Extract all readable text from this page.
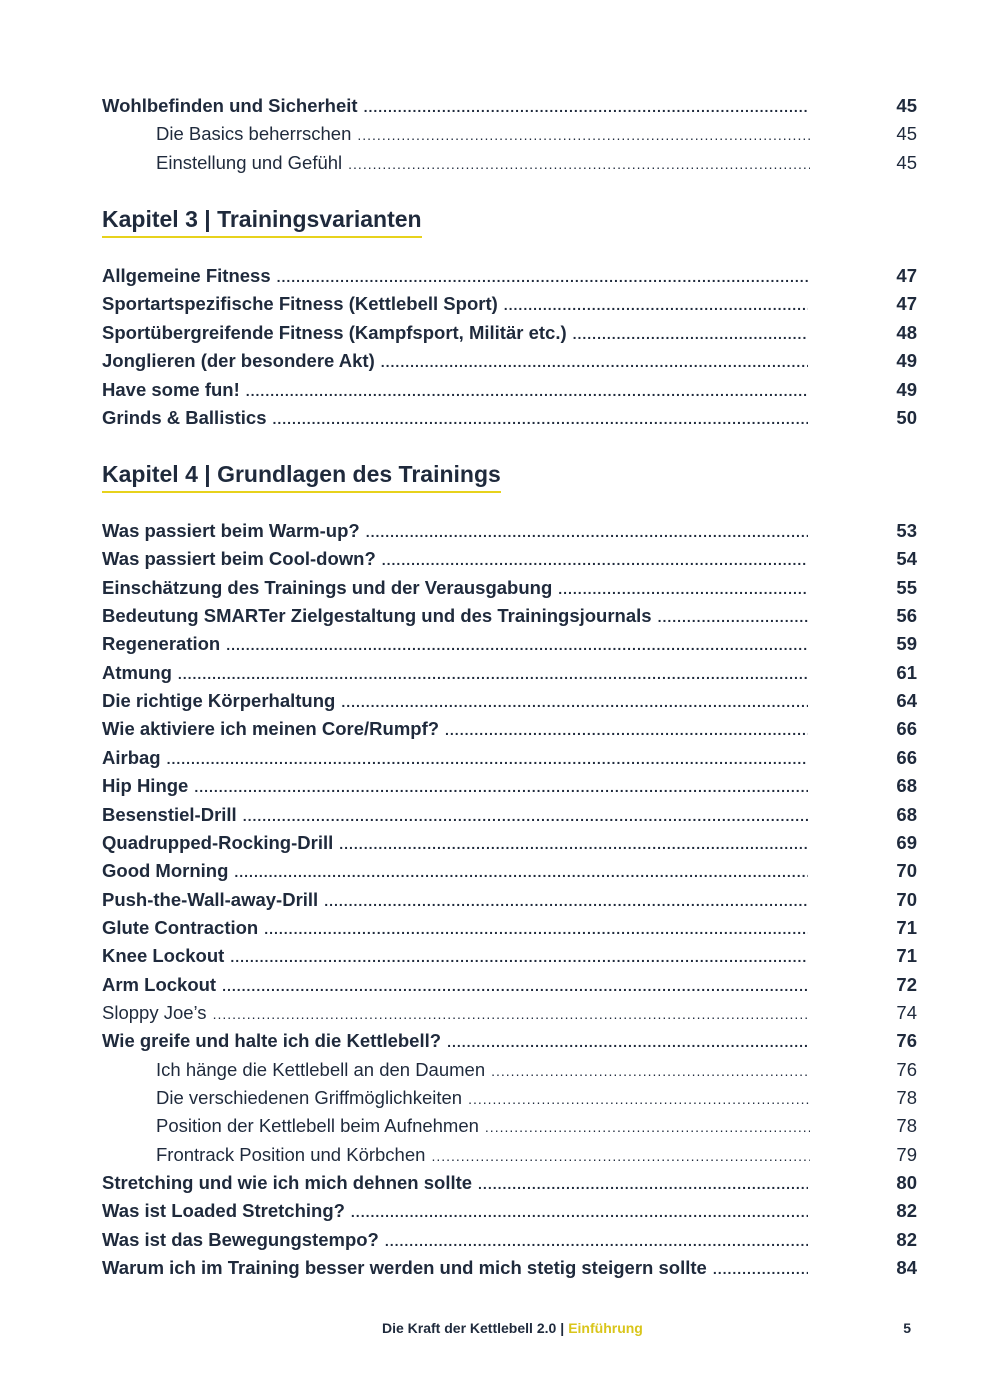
Wohlbefinden und Sicherheit .....	45
Die Basics beherrschen .....	45
Einstellung und Gefühl .....	45
Kapitel 3 | Trainingsvarianten
Allgemeine Fitness .....	47
Sportartspezifische Fitness (Kettlebell Sport) .....	47
Sportübergreifende Fitness (Kampfsport, Militär etc.) .....	48
Jonglieren (der besondere Akt) .....	49
Have some fun! .....	49
Grinds & Ballistics .....	50
Kapitel 4 | Grundlagen des Trainings
Was passiert beim Warm-up? .....	53
Was passiert beim Cool-down? .....	54
Einschätzung des Trainings und der Verausgabung .....	55
Bedeutung SMARTer Zielgestaltung und des Trainingsjournals .....	56
Regeneration .....	59
Atmung .....	61
Die richtige Körperhaltung .....	64
Wie aktiviere ich meinen Core/Rumpf? .....	66
Airbag .....	66
Hip Hinge .....	68
Besenstiel-Drill .....	68
Quadrupped-Rocking-Drill .....	69
Good Morning .....	70
Push-the-Wall-away-Drill .....	70
Glute Contraction .....	71
Knee Lockout .....	71
Arm Lockout .....	72
Sloppy Joe’s .....	74
Wie greife und halte ich die Kettlebell? .....	76
Ich hänge die Kettlebell an den Daumen .....	76
Die verschiedenen Griffmöglichkeiten .....	78
Position der Kettlebell beim Aufnehmen .....	78
Frontrack Position und Körbchen .....	79
Stretching und wie ich mich dehnen sollte .....	80
Was ist Loaded Stretching? .....	82
Was ist das Bewegungstempo? .....	82
Warum ich im Training besser werden und mich stetig steigern sollte .....	84
Die Kraft der Kettlebell 2.0 | Einführung	5
